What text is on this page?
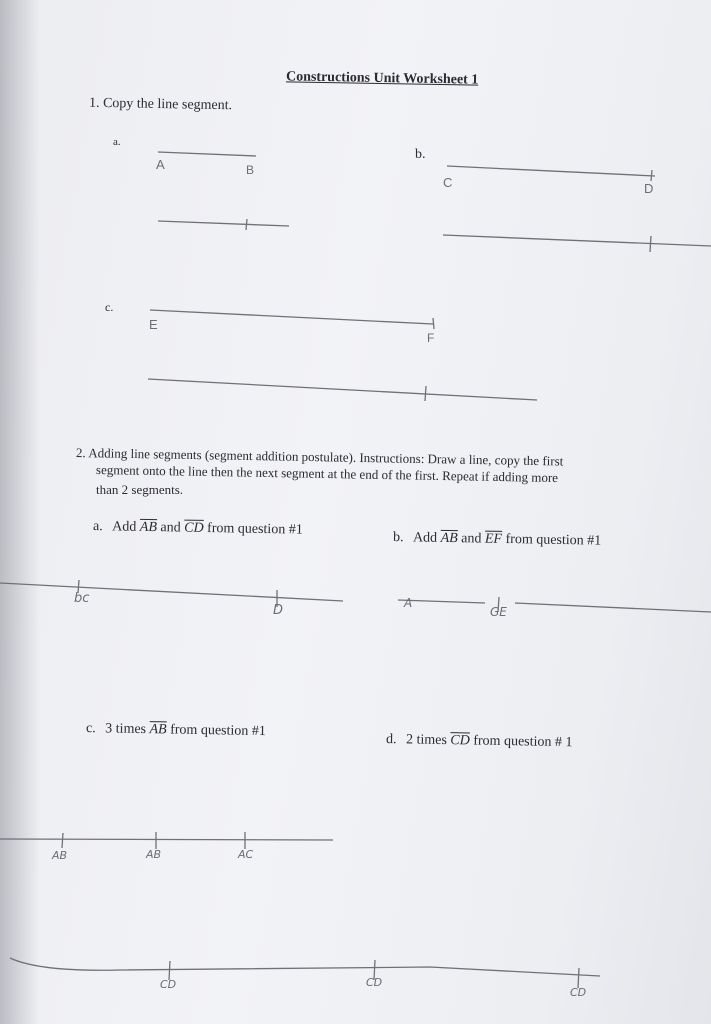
Constructions Unit Worksheet 1
1. Copy the line segment.
a.
A	B
b.
C	D
c.
E
F
2. Adding line segments (segment addition postulate). Instructions: Draw a line, copy the first
segment onto the line then the next segment at the end of the first. Repeat if adding more
than 2 segments.
a. Add $\overline{AB}$ and $\overline{CD}$ from question #1	b. Add $\overline{AB}$ and $\overline{EF}$ from question #1
c. 3 times $\overline{AB}$ from question #1
d. 2 times $\overline{CD}$ from question # 1
bc
D	A
GE
AB	AB	AC
CD	CD
CD
